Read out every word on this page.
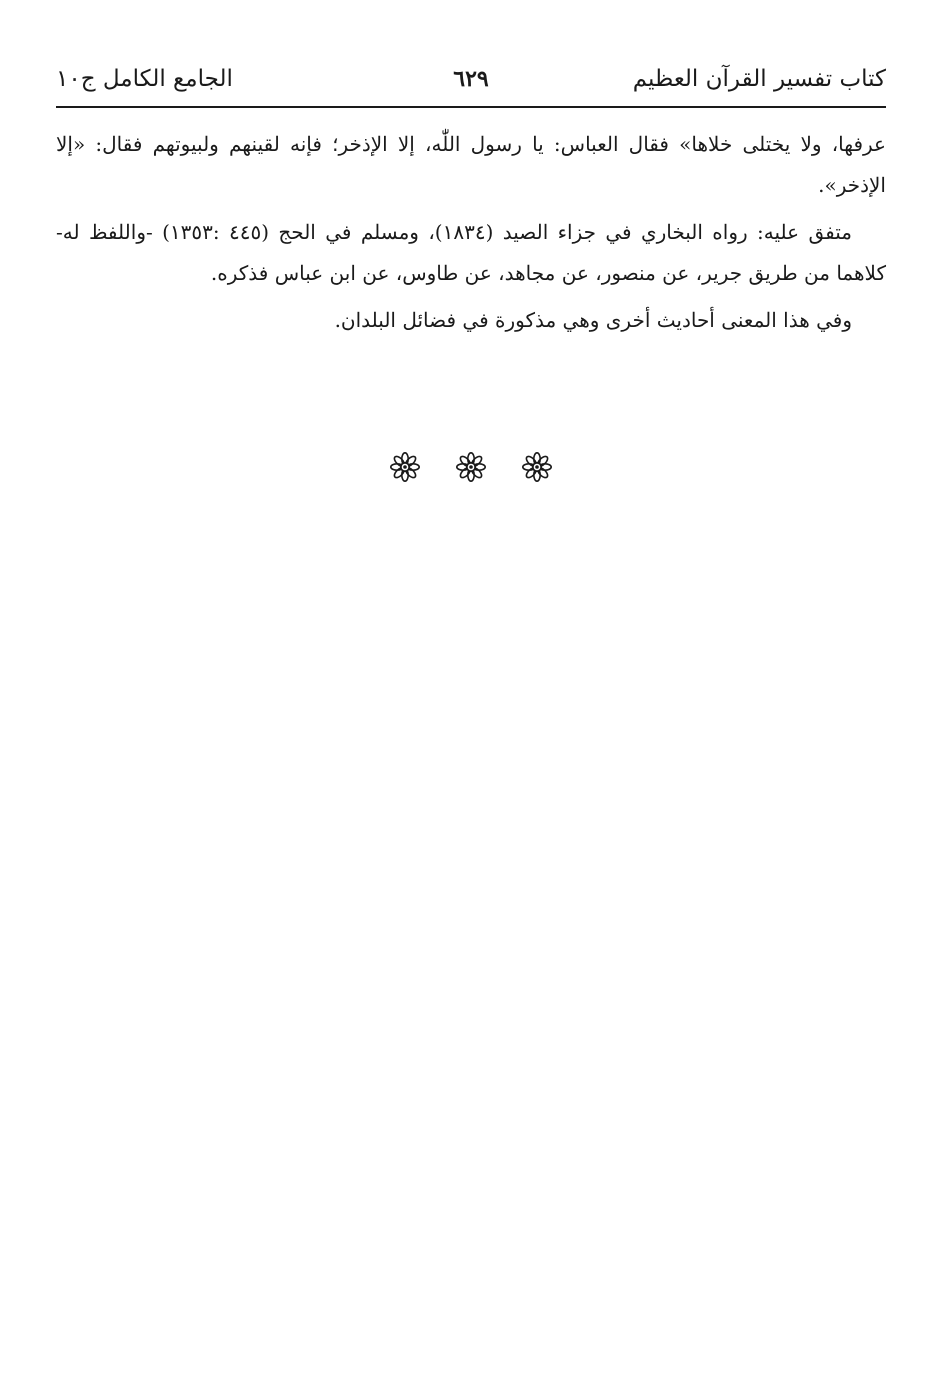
كتاب تفسير القرآن العظيم
٦٢٩
الجامع الكامل ج١٠

عرفها، ولا يختلى خلاها» فقال العباس: يا رسول اللّٰه، إلا الإذخر؛ فإنه لقينهم ولبيوتهم فقال: «إلا الإذخر».

متفق عليه: رواه البخاري في جزاء الصيد (١٨٣٤)، ومسلم في الحج (٤٤٥ :١٣٥٣) -واللفظ له- كلاهما من طريق جرير، عن منصور، عن مجاهد، عن طاوس، عن ابن عباس فذكره.

وفي هذا المعنى أحاديث أخرى وهي مذكورة في فضائل البلدان.
